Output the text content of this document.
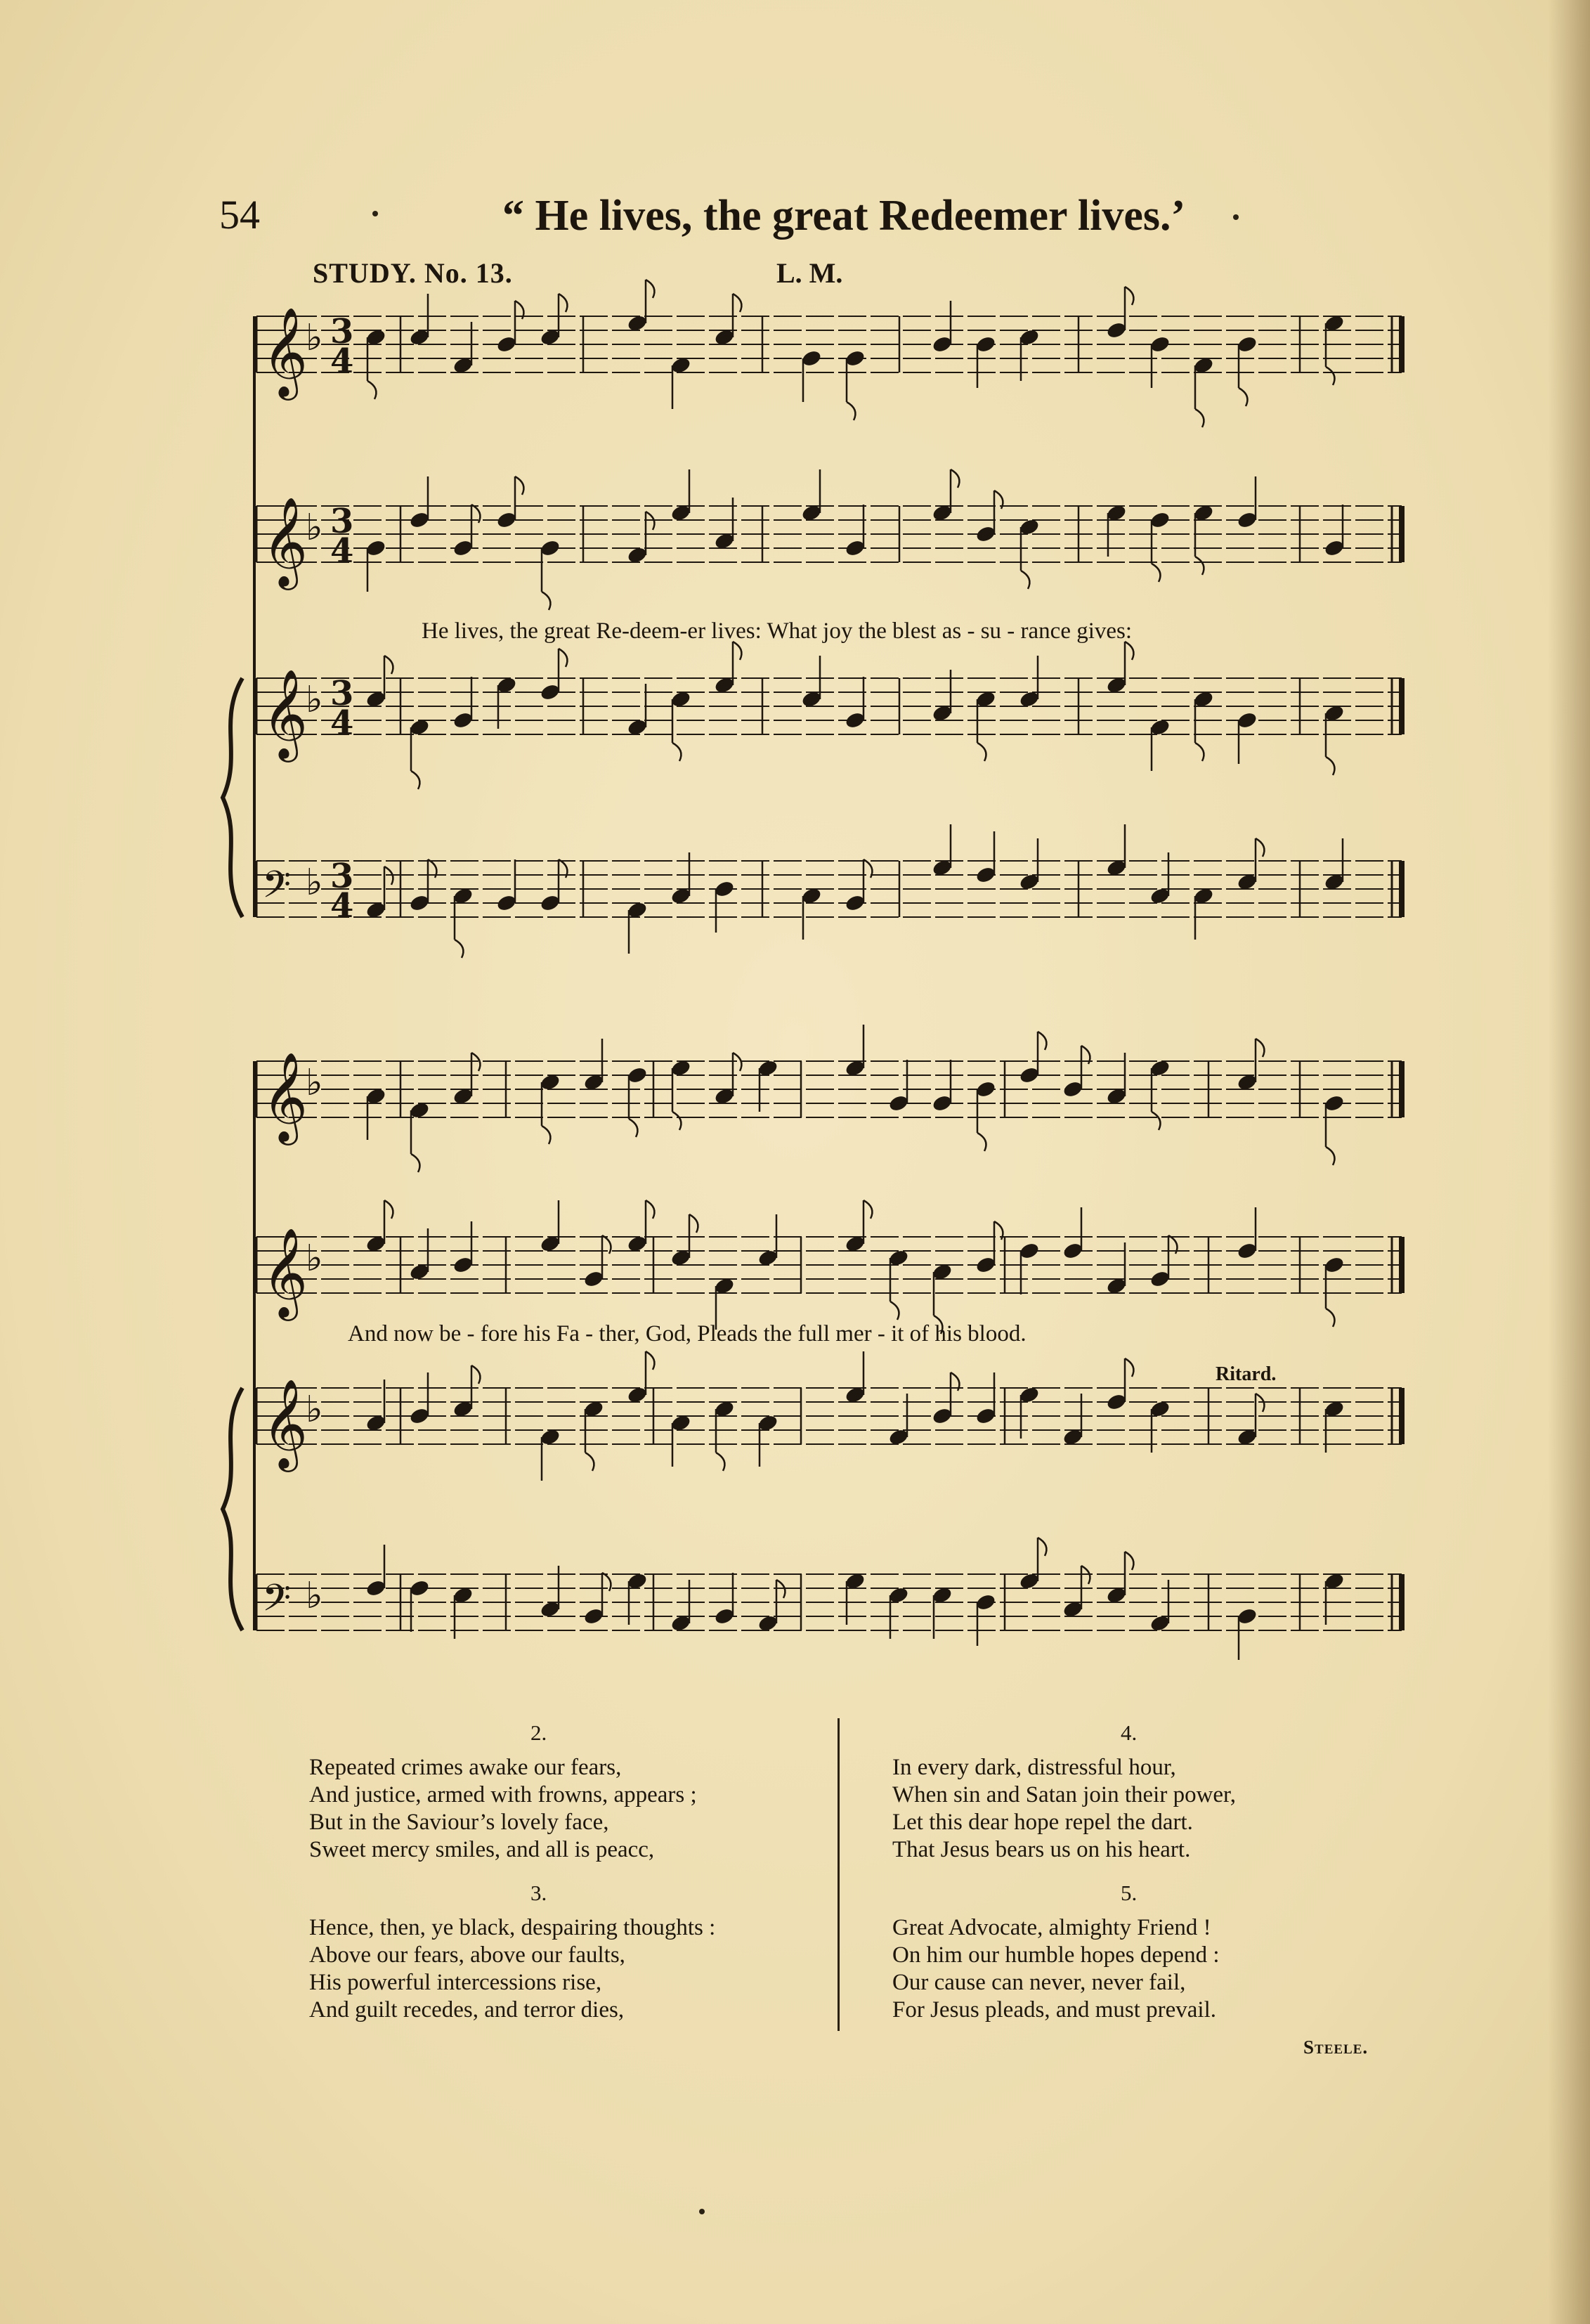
54	“ He lives, the great Redeemer lives.’
STUDY. No. 13.	L. M.
𝄞
♭ 3
4
𝄞
♭ 3
4
𝄞
♭ 3
4
𝄢 ♭ 3
4
𝄞
♭
𝄞
♭
𝄞
♭
𝄢 ♭
He lives, the great Re-deem-er lives: What joy the blest as - su - rance gives:
And now be - fore his Fa - ther, God, Pleads the full mer - it of his blood.
Ritard.
2.
Repeated crimes awake our fears,
And justice, armed with frowns, appears ;
But in the Saviour’s lovely face,
Sweet mercy smiles, and all is peacc,
3.
Hence, then, ye black, despairing thoughts :
Above our fears, above our faults,
His powerful intercessions rise,
And guilt recedes, and terror dies,
4.
In every dark, distressful hour,
When sin and Satan join their power,
Let this dear hope repel the dart.
That Jesus bears us on his heart.
5.
Great Advocate, almighty Friend !
On him our humble hopes depend :
Our cause can never, never fail,
For Jesus pleads, and must prevail.
Steele.
